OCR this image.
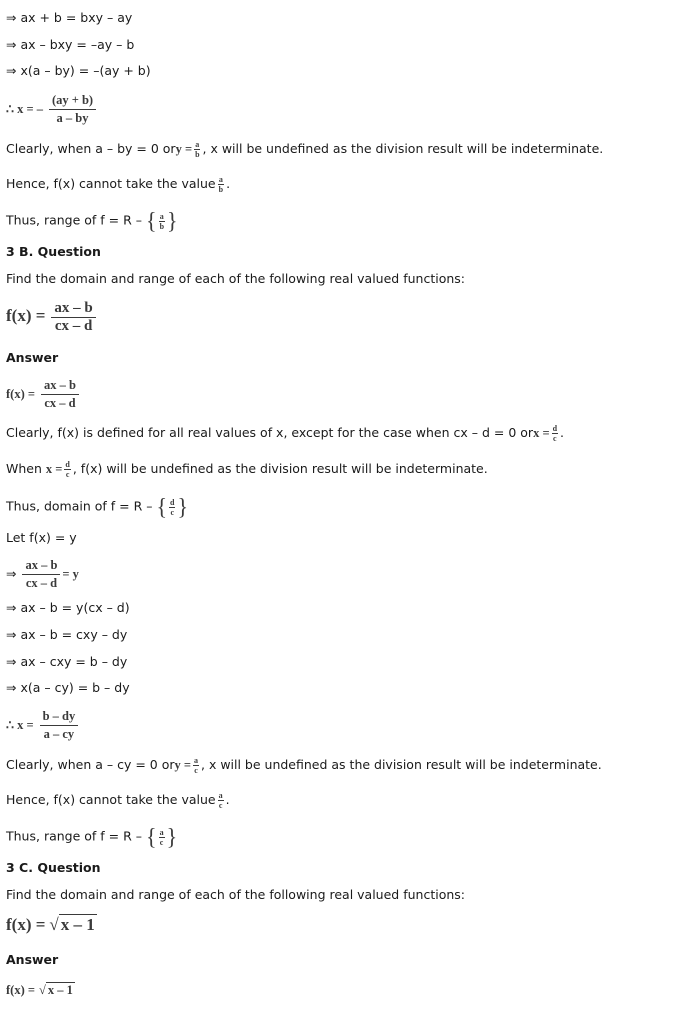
⇒ ax + b = bxy – ay
⇒ ax – bxy = –ay – b
⇒ x(a – by) = –(ay + b)
∴ x = – $\frac{(ay + b)}{a - by}$
Clearly, when a – by = 0 ory = $\frac{a}{b}$ , x will be undefined as the division result will be indeterminate.
Hence, f(x) cannot take the value $\frac{a}{b}$ .
Thus, range of f = R – { $\frac{a}{b}$ }
3 B. Question
Find the domain and range of each of the following real valued functions:
$f(x) = \frac{ax - b}{cx - d}$
Answer
$f(x) = \frac{ax - b}{cx - d}$
Clearly, f(x) is defined for all real values of x, except for the case when cx – d = 0 orx = $\frac{d}{c}$ .
When $x = \frac{d}{c}$ , f(x) will be undefined as the division result will be indeterminate.
Thus, domain of f = R – { $\frac{d}{c}$ }
Let f(x) = y
⇒ $\frac{ax - b}{cx - d} = y$
⇒ ax – b = y(cx – d)
⇒ ax – b = cxy – dy
⇒ ax – cxy = b – dy
⇒ x(a – cy) = b – dy
∴ $x = \frac{b - dy}{a - cy}$
Clearly, when a – cy = 0 ory = $\frac{a}{c}$ , x will be undefined as the division result will be indeterminate.
Hence, f(x) cannot take the value $\frac{a}{c}$ .
Thus, range of f = R – { $\frac{a}{c}$ }
3 C. Question
Find the domain and range of each of the following real valued functions:
f(x) = √ x – 1
Answer
f(x) = √ x – 1
